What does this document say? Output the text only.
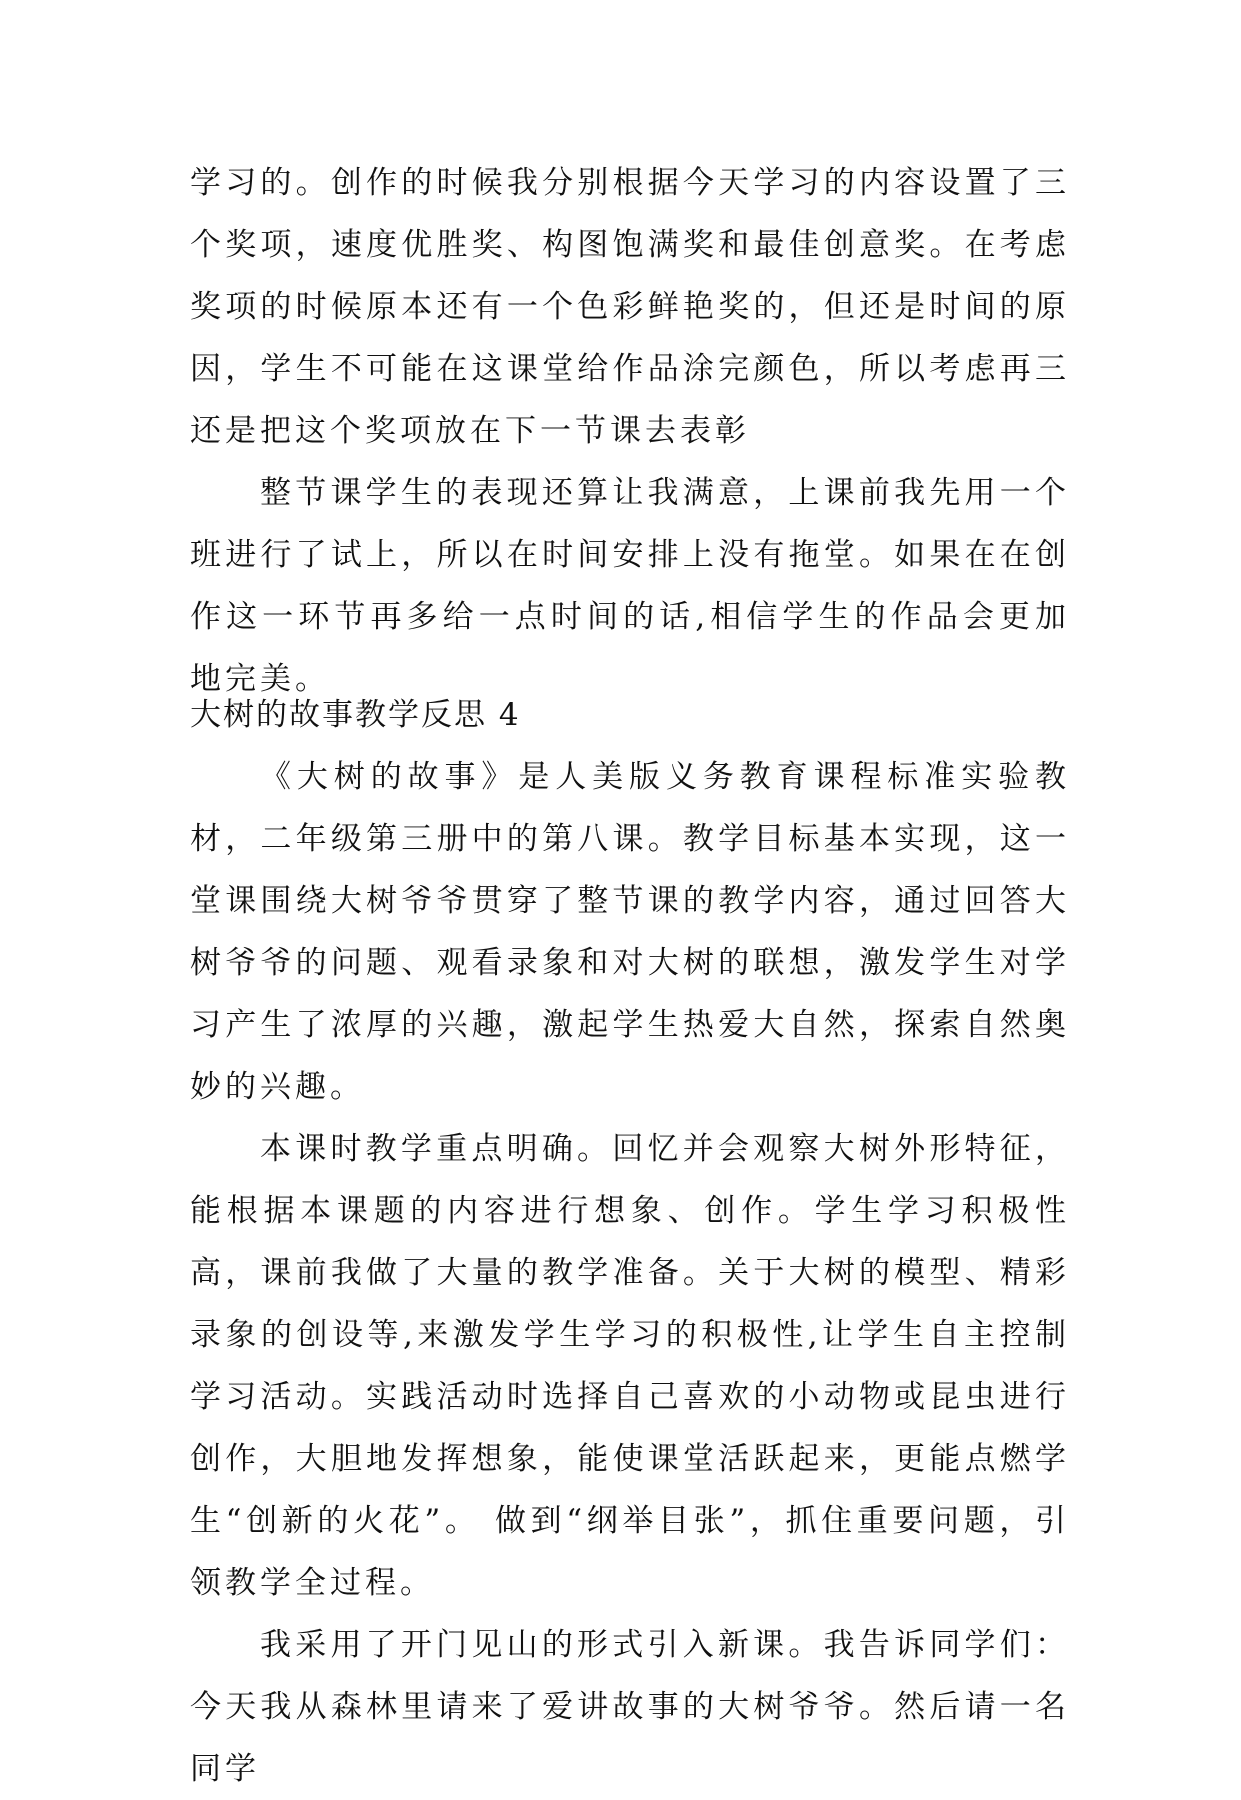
学习的。创作的时候我分别根据今天学习的内容设置了三个奖项，速度优胜奖、构图饱满奖和最佳创意奖。在考虑奖项的时候原本还有一个色彩鲜艳奖的，但还是时间的原因，学生不可能在这课堂给作品涂完颜色，所以考虑再三还是把这个奖项放在下一节课去表彰

整节课学生的表现还算让我满意，上课前我先用一个班进行了试上，所以在时间安排上没有拖堂。如果在在创作这一环节再多给一点时间的话,相信学生的作品会更加地完美。

大树的故事教学反思 4

《大树的故事》是人美版义务教育课程标准实验教材，二年级第三册中的第八课。教学目标基本实现，这一堂课围绕大树爷爷贯穿了整节课的教学内容，通过回答大树爷爷的问题、观看录象和对大树的联想，激发学生对学习产生了浓厚的兴趣，激起学生热爱大自然，探索自然奥妙的兴趣。

本课时教学重点明确。回忆并会观察大树外形特征，能根据本课题的内容进行想象、创作。学生学习积极性高，课前我做了大量的教学准备。关于大树的模型、精彩录象的创设等,来激发学生学习的积极性,让学生自主控制学习活动。实践活动时选择自己喜欢的小动物或昆虫进行创作，大胆地发挥想象，能使课堂活跃起来，更能点燃学生“创新的火花”。 做到“纲举目张”，抓住重要问题，引领教学全过程。

我采用了开门见山的形式引入新课。我告诉同学们：今天我从森林里请来了爱讲故事的大树爷爷。然后请一名同学
